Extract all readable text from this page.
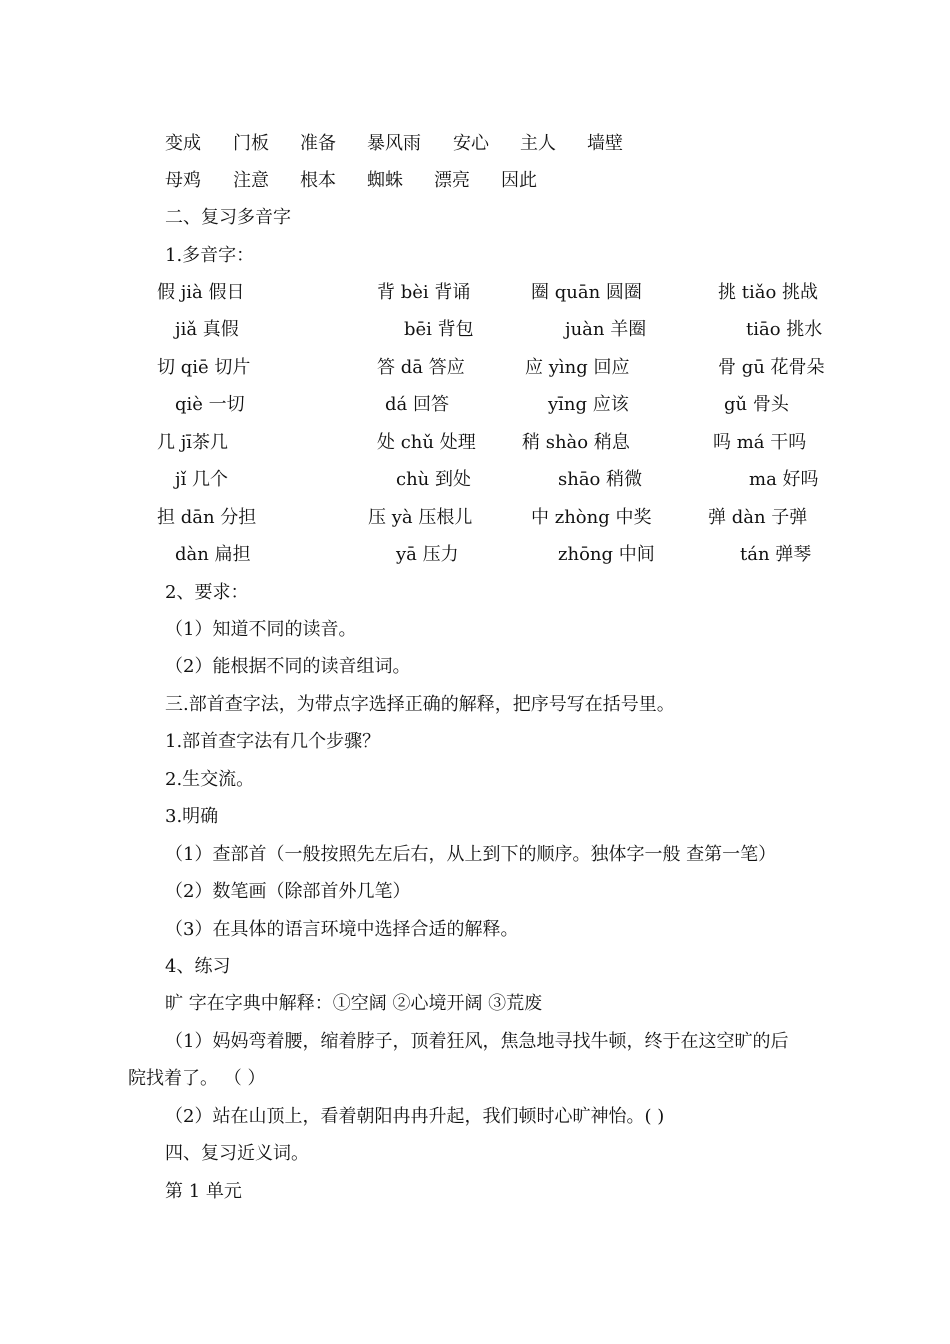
变成 门板 准备 暴风雨 安心 主人 墙壁
母鸡 注意 根本 蜘蛛 漂亮 因此
二、复习多音字
1.多音字：
假 jià 假日	背 bèi 背诵	圈 quān 圆圈	挑 tiǎo 挑战
jiǎ 真假	bēi 背包	juàn 羊圈	tiāo 挑水
切 qiē 切片	答 dā 答应	应 yìng 回应	骨 gū 花骨朵
qiè 一切	dá 回答	yīng 应该	gǔ 骨头
几 jī茶几	处 chǔ 处理	稍 shào 稍息	吗 má 干吗
jǐ 几个	chù 到处	shāo 稍微	ma 好吗
担 dān 分担	压 yà 压根儿	中 zhòng 中奖	弹 dàn 子弹
dàn 扁担	yā 压力	zhōng 中间	tán 弹琴
2、要求：
（1）知道不同的读音。
（2）能根据不同的读音组词。
三.部首查字法，为带点字选择正确的解释，把序号写在括号里。
1.部首查字法有几个步骤？
2.生交流。
3.明确
（1）查部首（一般按照先左后右，从上到下的顺序。独体字一般 查第一笔）
（2）数笔画（除部首外几笔）
（3）在具体的语言环境中选择合适的解释。
4、练习
旷 字在字典中解释：①空阔 ②心境开阔 ③荒废
（1）妈妈弯着腰，缩着脖子，顶着狂风，焦急地寻找牛顿，终于在这空旷的后
院找着了。 （ ）
（2）站在山顶上，看着朝阳冉冉升起，我们顿时心旷神怡。( )
四、复习近义词。
第 1 单元
